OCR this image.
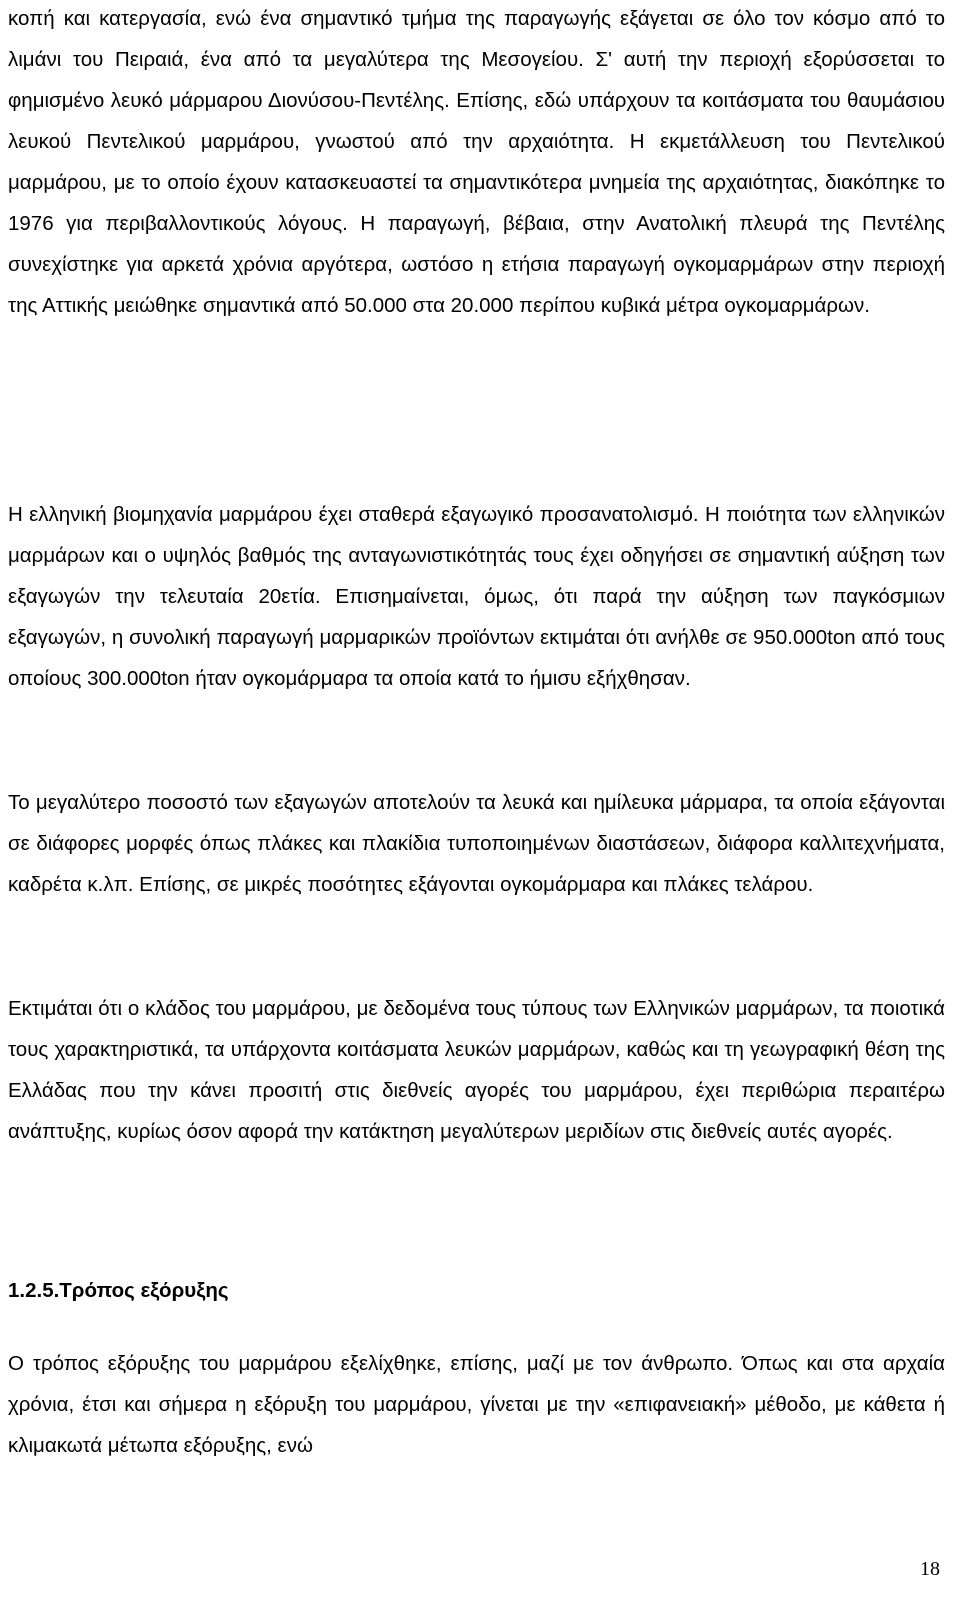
κοπή και κατεργασία, ενώ ένα σημαντικό τμήμα της παραγωγής εξάγεται σε όλο τον κόσμο από το λιμάνι του Πειραιά, ένα από τα μεγαλύτερα της Μεσογείου. Σ' αυτή την περιοχή εξορύσσεται το φημισμένο λευκό μάρμαρου Διονύσου-Πεντέλης. Επίσης, εδώ υπάρχουν τα κοιτάσματα του θαυμάσιου λευκού Πεντελικού μαρμάρου, γνωστού από την αρχαιότητα. Η εκμετάλλευση του Πεντελικού μαρμάρου, με το οποίο έχουν κατασκευαστεί τα σημαντικότερα μνημεία της αρχαιότητας, διακόπηκε το 1976 για περιβαλλοντικούς λόγους. Η παραγωγή, βέβαια, στην Ανατολική πλευρά της Πεντέλης συνεχίστηκε για αρκετά χρόνια αργότερα, ωστόσο η ετήσια παραγωγή ογκομαρμάρων στην περιοχή της Αττικής μειώθηκε σημαντικά από 50.000 στα 20.000 περίπου κυβικά μέτρα ογκομαρμάρων.

Η ελληνική βιομηχανία μαρμάρου έχει σταθερά εξαγωγικό προσανατολισμό. Η ποιότητα των ελληνικών μαρμάρων και ο υψηλός βαθμός της ανταγωνιστικότητάς τους έχει οδηγήσει σε σημαντική αύξηση των εξαγωγών την τελευταία 20ετία. Επισημαίνεται, όμως, ότι παρά την αύξηση των παγκόσμιων εξαγωγών, η συνολική παραγωγή μαρμαρικών προϊόντων εκτιμάται ότι ανήλθε σε 950.000ton από τους οποίους 300.000ton ήταν ογκομάρμαρα τα οποία κατά το ήμισυ εξήχθησαν.

Το μεγαλύτερο ποσοστό των εξαγωγών αποτελούν τα λευκά και ημίλευκα μάρμαρα, τα οποία εξάγονται σε διάφορες μορφές όπως πλάκες και πλακίδια τυποποιημένων διαστάσεων, διάφορα καλλιτεχνήματα, καδρέτα κ.λπ. Επίσης, σε μικρές ποσότητες εξάγονται ογκομάρμαρα και πλάκες τελάρου.

Εκτιμάται ότι ο κλάδος του μαρμάρου, με δεδομένα τους τύπους των Ελληνικών μαρμάρων, τα ποιοτικά τους χαρακτηριστικά, τα υπάρχοντα κοιτάσματα λευκών μαρμάρων, καθώς και τη γεωγραφική θέση της Ελλάδας που την κάνει προσιτή στις διεθνείς αγορές του μαρμάρου, έχει περιθώρια περαιτέρω ανάπτυξης, κυρίως όσον αφορά την κατάκτηση μεγαλύτερων μεριδίων στις διεθνείς αυτές αγορές.

1.2.5.Τρόπος εξόρυξης

Ο τρόπος εξόρυξης του μαρμάρου εξελίχθηκε, επίσης, μαζί με τον άνθρωπο. Όπως και στα αρχαία χρόνια, έτσι και σήμερα η εξόρυξη του μαρμάρου, γίνεται με την «επιφανειακή» μέθοδο, με κάθετα ή κλιμακωτά μέτωπα εξόρυξης, ενώ

18
